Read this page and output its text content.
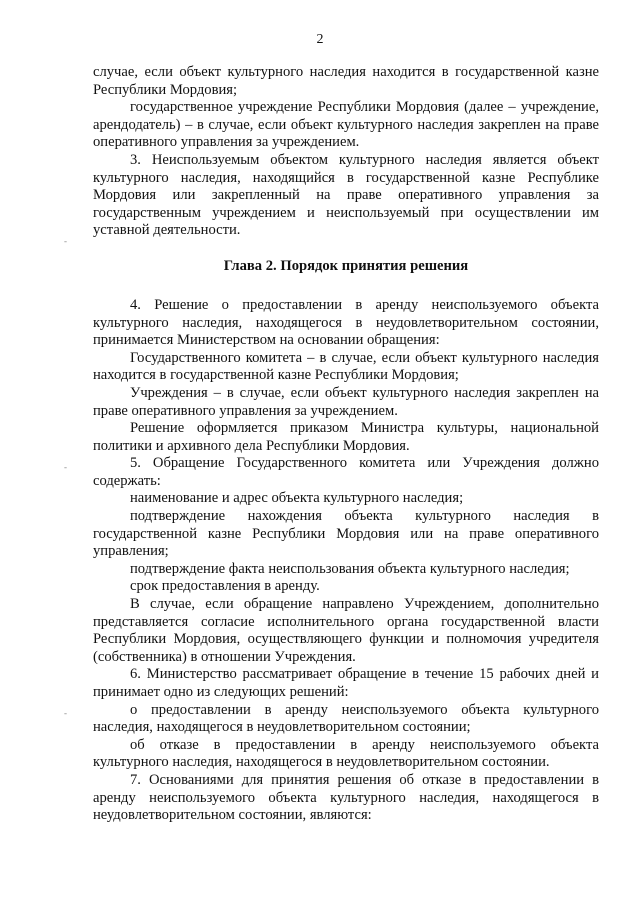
2
-
-
-

случае, если объект культурного наследия находится в государственной казне Республики Мордовия;

государственное учреждение Республики Мордовия (далее – учреждение, арендодатель) – в случае, если объект культурного наследия закреплен на праве оперативного управления за учреждением.

3. Неиспользуемым объектом культурного наследия является объект культурного наследия, находящийся в государственной казне Республике Мордовия или закрепленный на праве оперативного управления за государственным учреждением и неиспользуемый при осуществлении им уставной деятельности.

Глава 2. Порядок принятия решения

4. Решение о предоставлении в аренду неиспользуемого объекта культурного наследия, находящегося в неудовлетворительном состоянии, принимается Министерством на основании обращения:

Государственного комитета – в случае, если объект культурного наследия находится в государственной казне Республики Мордовия;

Учреждения – в случае, если объект культурного наследия закреплен на праве оперативного управления за учреждением.

Решение оформляется приказом Министра культуры, национальной политики и архивного дела Республики Мордовия.

5. Обращение Государственного комитета или Учреждения должно содержать:

наименование и адрес объекта культурного наследия;

подтверждение нахождения объекта культурного наследия в государственной казне Республики Мордовия или на праве оперативного управления;

подтверждение факта неиспользования объекта культурного наследия;

срок предоставления в аренду.

В случае, если обращение направлено Учреждением, дополнительно представляется согласие исполнительного органа государственной власти Республики Мордовия, осуществляющего функции и полномочия учредителя (собственника) в отношении Учреждения.

6. Министерство рассматривает обращение в течение 15 рабочих дней и принимает одно из следующих решений:

о предоставлении в аренду неиспользуемого объекта культурного наследия, находящегося в неудовлетворительном состоянии;

об отказе в предоставлении в аренду неиспользуемого объекта культурного наследия, находящегося в неудовлетворительном состоянии.

7. Основаниями для принятия решения об отказе в предоставлении в аренду неиспользуемого объекта культурного наследия, находящегося в неудовлетворительном состоянии, являются:
